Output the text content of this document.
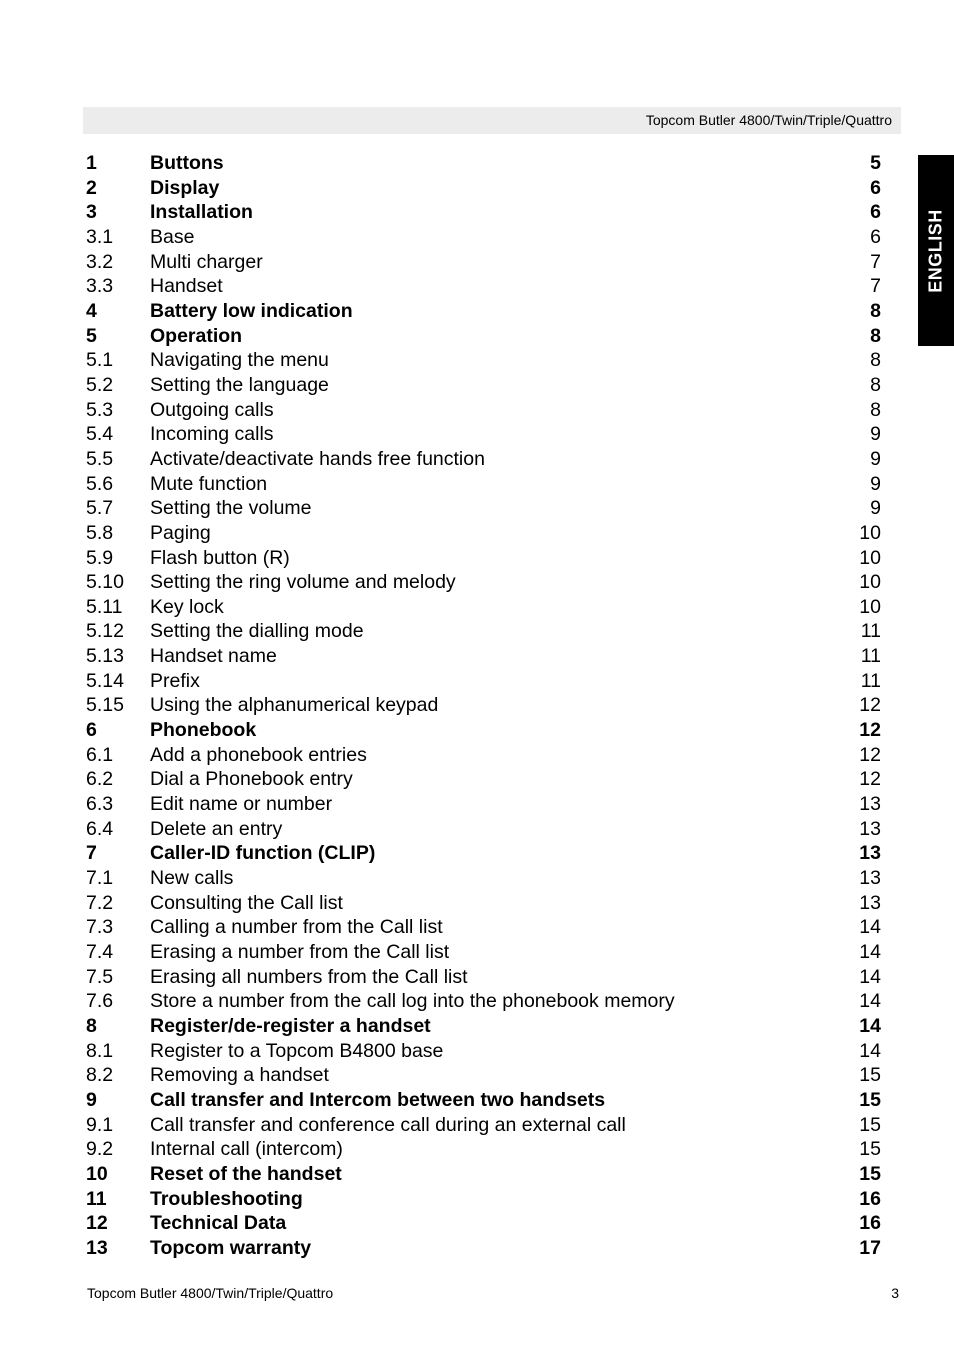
Topcom Butler 4800/Twin/Triple/Quattro
ENGLISH
1	Buttons	5
2	Display	6
3	Installation	6
3.1 Base	6
3.2 Multi charger	7
3.3 Handset	7
4	Battery low indication	8
5	Operation	8
5.1 Navigating the menu	8
5.2 Setting the language	8
5.3 Outgoing calls	8
5.4 Incoming calls	9
5.5 Activate/deactivate hands free function	9
5.6 Mute function	9
5.7 Setting the volume	9
5.8 Paging	10
5.9 Flash button (R)	10
5.10 Setting the ring volume and melody	10
5.11 Key lock	10
5.12 Setting the dialling mode	11
5.13 Handset name	11
5.14 Prefix	11
5.15 Using the alphanumerical keypad	12
6	Phonebook	12
6.1 Add a phonebook entries	12
6.2 Dial a Phonebook entry	12
6.3 Edit name or number	13
6.4 Delete an entry	13
7	Caller-ID function (CLIP)	13
7.1 New calls	13
7.2 Consulting the Call list	13
7.3 Calling a number from the Call list	14
7.4 Erasing a number from the Call list	14
7.5 Erasing all numbers from the Call list	14
7.6 Store a number from the call log into the phonebook memory	14
8	Register/de-register a handset	14
8.1 Register to a Topcom B4800 base	14
8.2 Removing a handset	15
9	Call transfer and Intercom between two handsets	15
9.1 Call transfer and conference call during an external call	15
9.2 Internal call (intercom)	15
10 Reset of the handset	15
11 Troubleshooting	16
12 Technical Data	16
13 Topcom warranty	17
Topcom Butler 4800/Twin/Triple/Quattro	3
